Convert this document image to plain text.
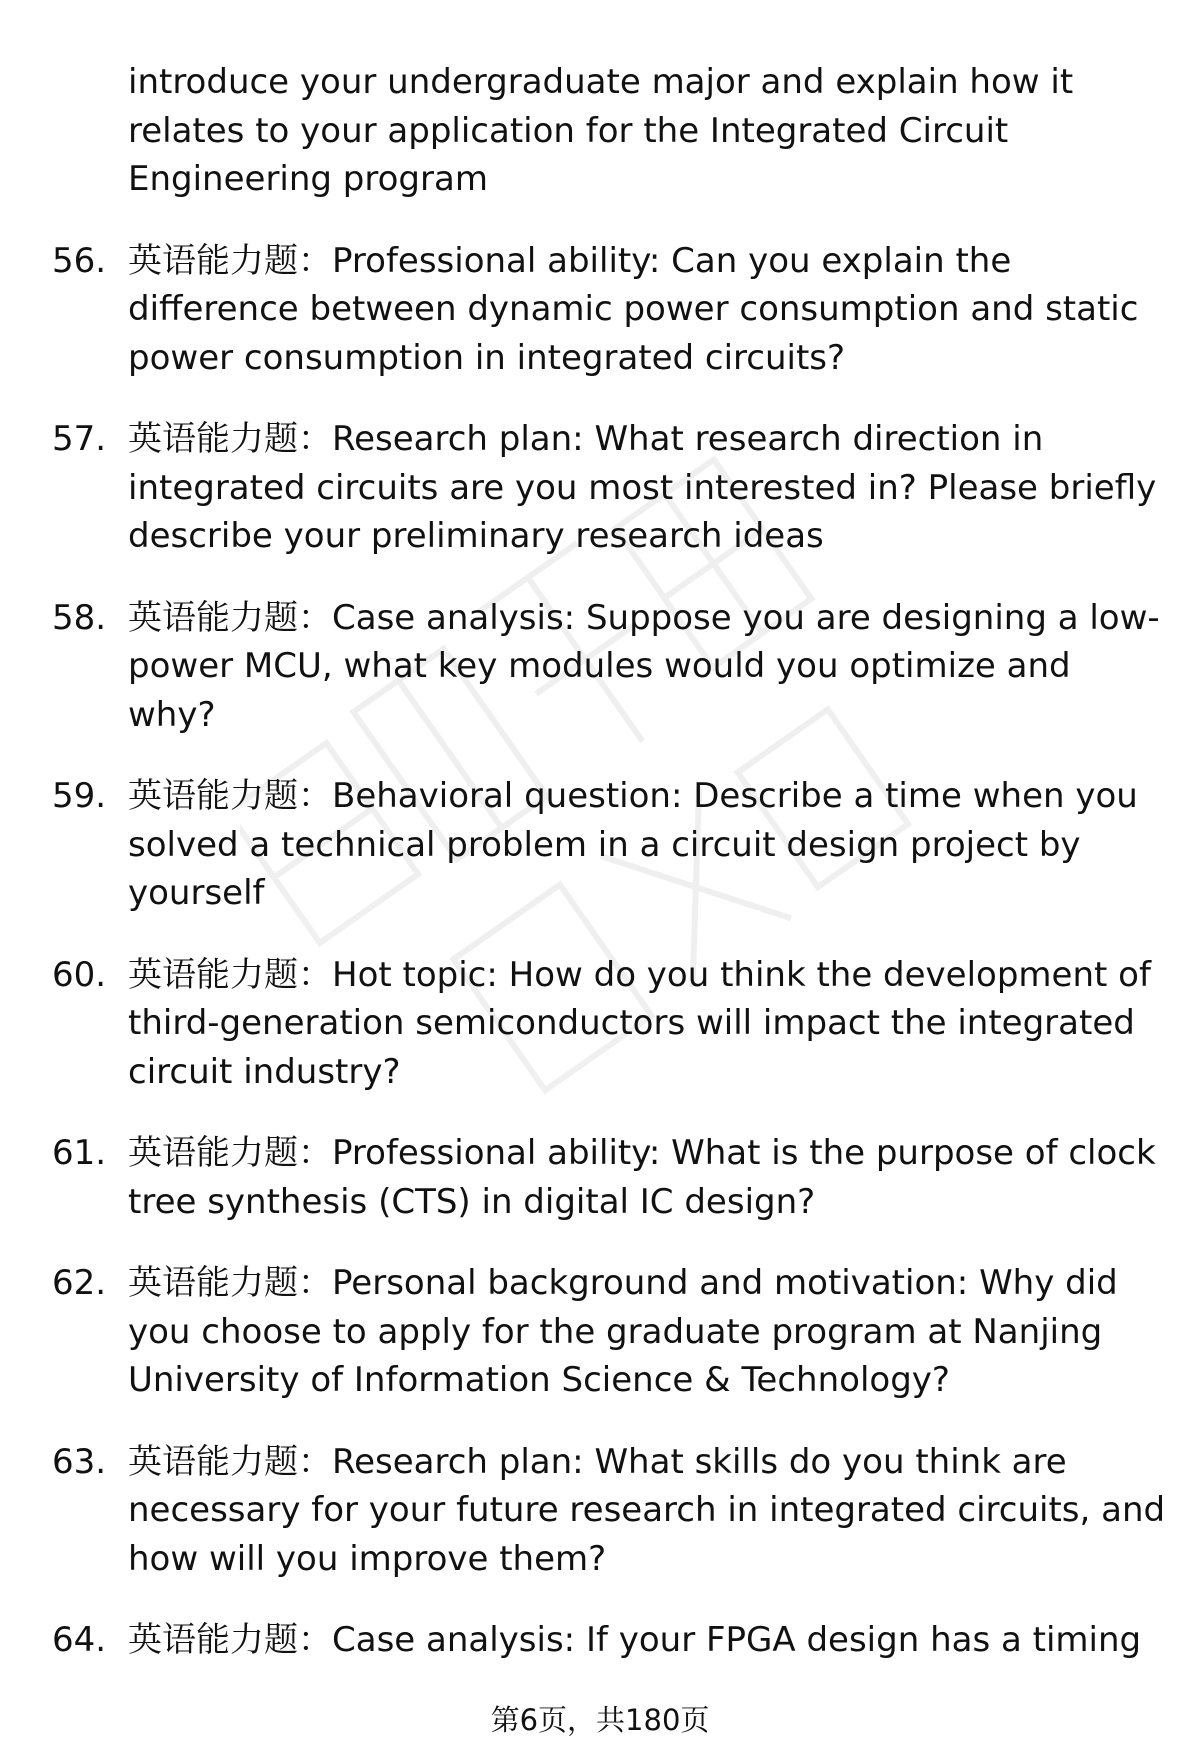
introduce your undergraduate major and explain how it relates to your application for the Integrated Circuit Engineering program
56. 英语能力题：Professional ability: Can you explain the difference between dynamic power consumption and static power consumption in integrated circuits?
57. 英语能力题：Research plan: What research direction in integrated circuits are you most interested in? Please briefly describe your preliminary research ideas
58. 英语能力题：Case analysis: Suppose you are designing a low-power MCU, what key modules would you optimize and why?
59. 英语能力题：Behavioral question: Describe a time when you solved a technical problem in a circuit design project by yourself
60. 英语能力题：Hot topic: How do you think the development of third-generation semiconductors will impact the integrated circuit industry?
61. 英语能力题：Professional ability: What is the purpose of clock tree synthesis (CTS) in digital IC design?
62. 英语能力题：Personal background and motivation: Why did you choose to apply for the graduate program at Nanjing University of Information Science & Technology?
63. 英语能力题：Research plan: What skills do you think are necessary for your future research in integrated circuits, and how will you improve them?
64. 英语能力题：Case analysis: If your FPGA design has a timing
第6页，共180页
